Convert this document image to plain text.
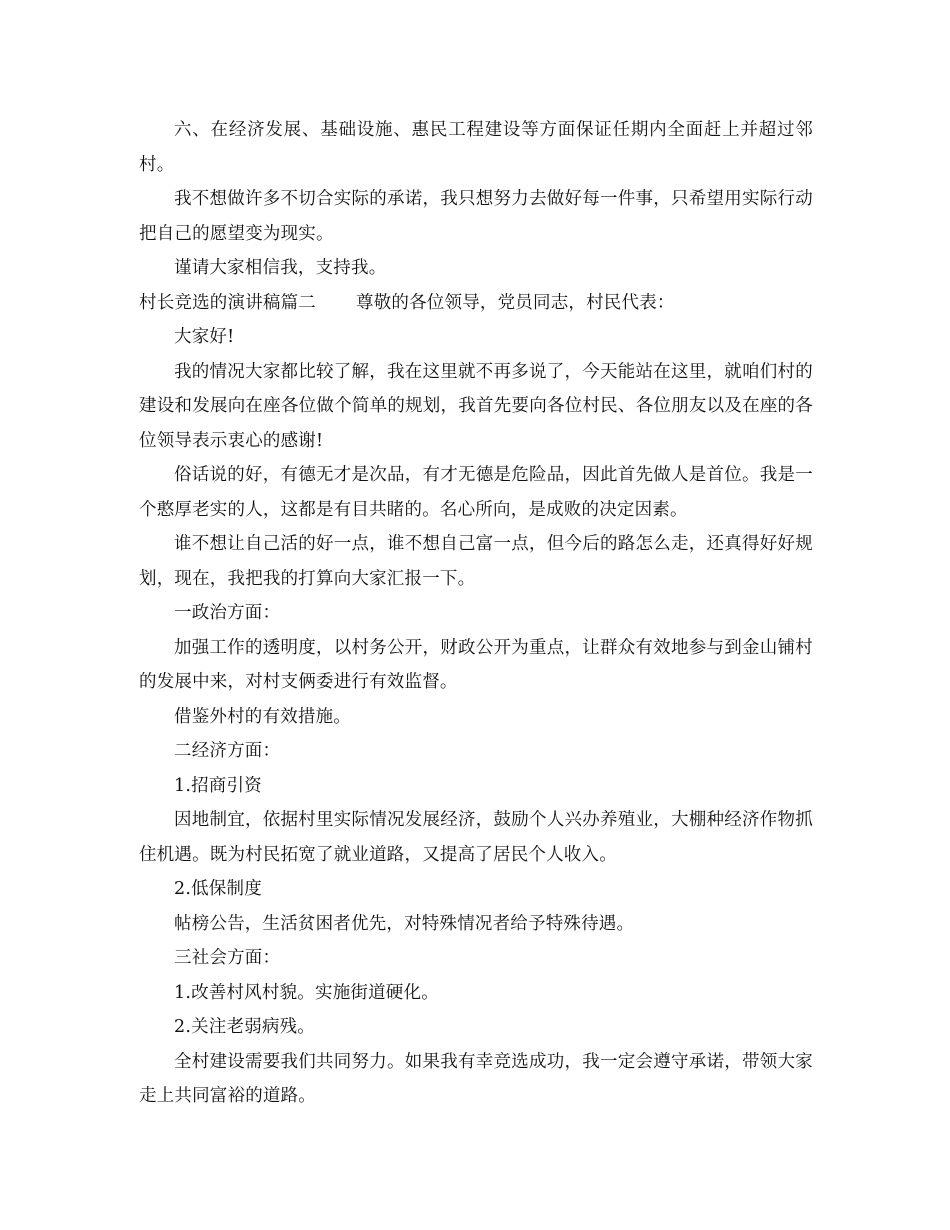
六、在经济发展、基础设施、惠民工程建设等方面保证任期内全面赶上并超过邻村。

我不想做许多不切合实际的承诺，我只想努力去做好每一件事，只希望用实际行动把自己的愿望变为现实。

谨请大家相信我，支持我。

村长竞选的演讲稿篇二 尊敬的各位领导，党员同志，村民代表：

大家好!

我的情况大家都比较了解，我在这里就不再多说了，今天能站在这里，就咱们村的建设和发展向在座各位做个简单的规划，我首先要向各位村民、各位朋友以及在座的各位领导表示衷心的感谢!

俗话说的好，有德无才是次品，有才无德是危险品，因此首先做人是首位。我是一个憨厚老实的人，这都是有目共睹的。名心所向，是成败的决定因素。

谁不想让自己活的好一点，谁不想自己富一点，但今后的路怎么走，还真得好好规划，现在，我把我的打算向大家汇报一下。

一政治方面：

加强工作的透明度，以村务公开，财政公开为重点，让群众有效地参与到金山铺村的发展中来，对村支俩委进行有效监督。

借鉴外村的有效措施。

二经济方面：

1.招商引资

因地制宜，依据村里实际情况发展经济，鼓励个人兴办养殖业，大棚种经济作物抓住机遇。既为村民拓宽了就业道路，又提高了居民个人收入。

2.低保制度

帖榜公告，生活贫困者优先，对特殊情况者给予特殊待遇。

三社会方面：

1.改善村风村貌。实施街道硬化。

2.关注老弱病残。

全村建设需要我们共同努力。如果我有幸竞选成功，我一定会遵守承诺，带领大家走上共同富裕的道路。
